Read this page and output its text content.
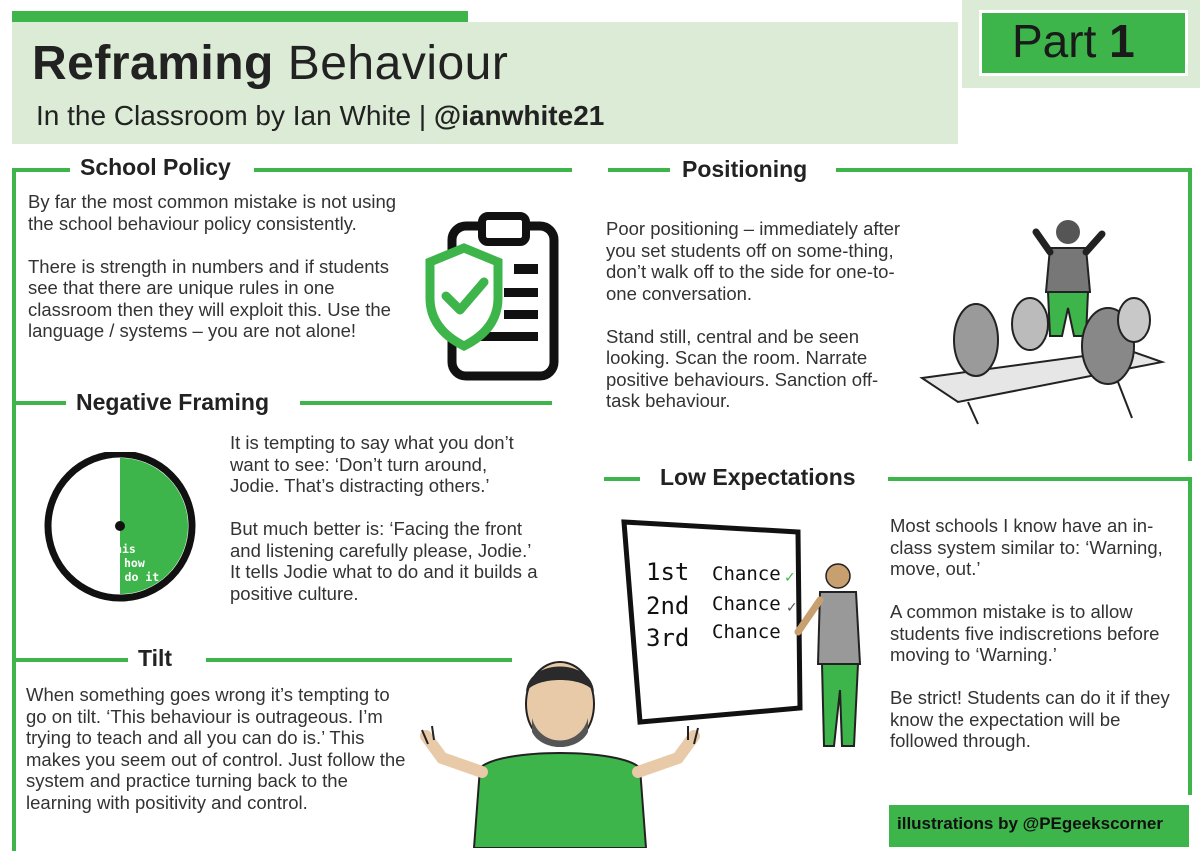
Reframing Behaviour
In the Classroom by Ian White | @ianwhite21
Part 1
School Policy

By far the most common mistake is not using the school behaviour policy consistently.

There is strength in numbers and if students see that there are unique rules in one classroom then they will exploit this. Use the language / systems – you are not alone!

Positioning

Poor positioning – immediately after you set students off on some-thing, don’t walk off to the side for one-to-one conversation.

Stand still, central and be seen looking. Scan the room. Narrate positive behaviours. Sanction off-task behaviour.

Negative Framing

It is tempting to say what you don’t want to see: ‘Don’t turn around, Jodie. That’s distracting others.’

But much better is: ‘Facing the front and listening carefully please, Jodie.’ It tells Jodie what to do and it builds a positive culture.

This
is how
not do it
Low Expectations

Most schools I know have an in-class system similar to: ‘Warning, move, out.’

A common mistake is to allow students five indiscretions before moving to ‘Warning.’

Be strict! Students can do it if they know the expectation will be followed through.

1st Chance ✓
2nd Chance ✓
3rd Chance
Tilt

When something goes wrong it’s tempting to go on tilt. ‘This behaviour is outrageous. I’m trying to teach and all you can do is.’ This makes you seem out of control. Just follow the system and practice turning back to the learning with positivity and control.

illustrations by @PEgeekscorner
